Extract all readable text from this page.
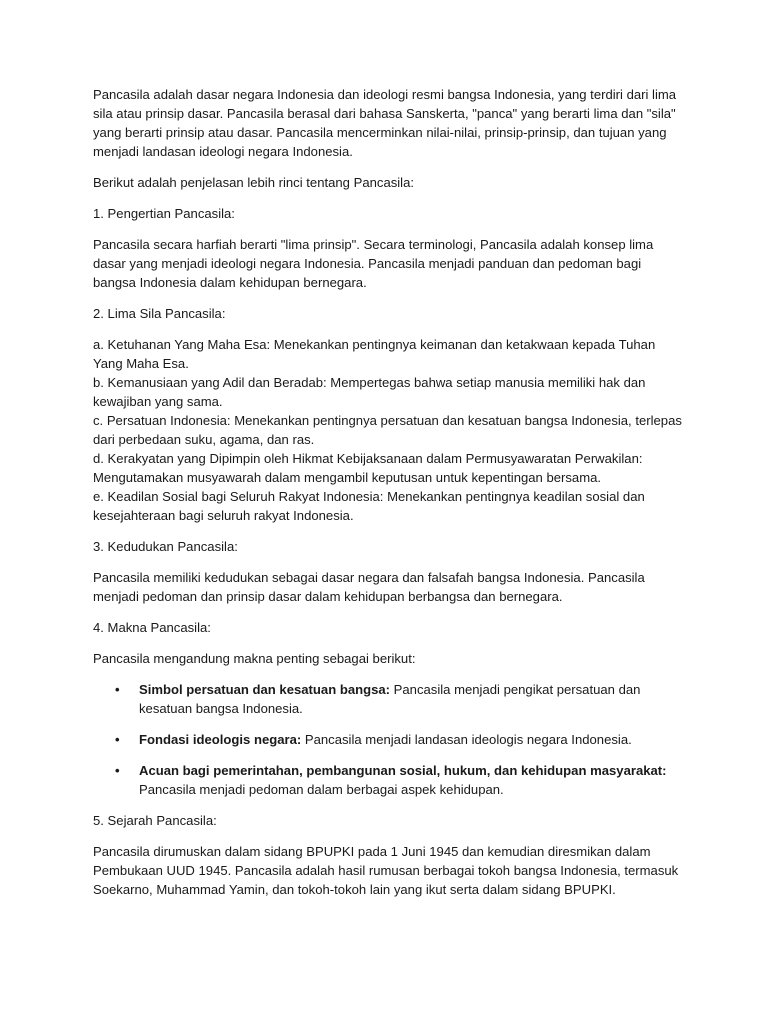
Pancasila adalah dasar negara Indonesia dan ideologi resmi bangsa Indonesia, yang terdiri dari lima sila atau prinsip dasar. Pancasila berasal dari bahasa Sanskerta, "panca" yang berarti lima dan "sila" yang berarti prinsip atau dasar. Pancasila mencerminkan nilai-nilai, prinsip-prinsip, dan tujuan yang menjadi landasan ideologi negara Indonesia.

Berikut adalah penjelasan lebih rinci tentang Pancasila:

1. Pengertian Pancasila:

Pancasila secara harfiah berarti "lima prinsip". Secara terminologi, Pancasila adalah konsep lima dasar yang menjadi ideologi negara Indonesia. Pancasila menjadi panduan dan pedoman bagi bangsa Indonesia dalam kehidupan bernegara.

2. Lima Sila Pancasila:

a. Ketuhanan Yang Maha Esa: Menekankan pentingnya keimanan dan ketakwaan kepada Tuhan Yang Maha Esa.
b. Kemanusiaan yang Adil dan Beradab: Mempertegas bahwa setiap manusia memiliki hak dan kewajiban yang sama.
c. Persatuan Indonesia: Menekankan pentingnya persatuan dan kesatuan bangsa Indonesia, terlepas dari perbedaan suku, agama, dan ras.
d. Kerakyatan yang Dipimpin oleh Hikmat Kebijaksanaan dalam Permusyawaratan Perwakilan: Mengutamakan musyawarah dalam mengambil keputusan untuk kepentingan bersama.
e. Keadilan Sosial bagi Seluruh Rakyat Indonesia: Menekankan pentingnya keadilan sosial dan kesejahteraan bagi seluruh rakyat Indonesia.

3. Kedudukan Pancasila:

Pancasila memiliki kedudukan sebagai dasar negara dan falsafah bangsa Indonesia. Pancasila menjadi pedoman dan prinsip dasar dalam kehidupan berbangsa dan bernegara.

4. Makna Pancasila:

Pancasila mengandung makna penting sebagai berikut:

• Simbol persatuan dan kesatuan bangsa: Pancasila menjadi pengikat persatuan dan kesatuan bangsa Indonesia.
• Fondasi ideologis negara: Pancasila menjadi landasan ideologis negara Indonesia.
• Acuan bagi pemerintahan, pembangunan sosial, hukum, dan kehidupan masyarakat: Pancasila menjadi pedoman dalam berbagai aspek kehidupan.

5. Sejarah Pancasila:

Pancasila dirumuskan dalam sidang BPUPKI pada 1 Juni 1945 dan kemudian diresmikan dalam Pembukaan UUD 1945. Pancasila adalah hasil rumusan berbagai tokoh bangsa Indonesia, termasuk Soekarno, Muhammad Yamin, dan tokoh-tokoh lain yang ikut serta dalam sidang BPUPKI.
